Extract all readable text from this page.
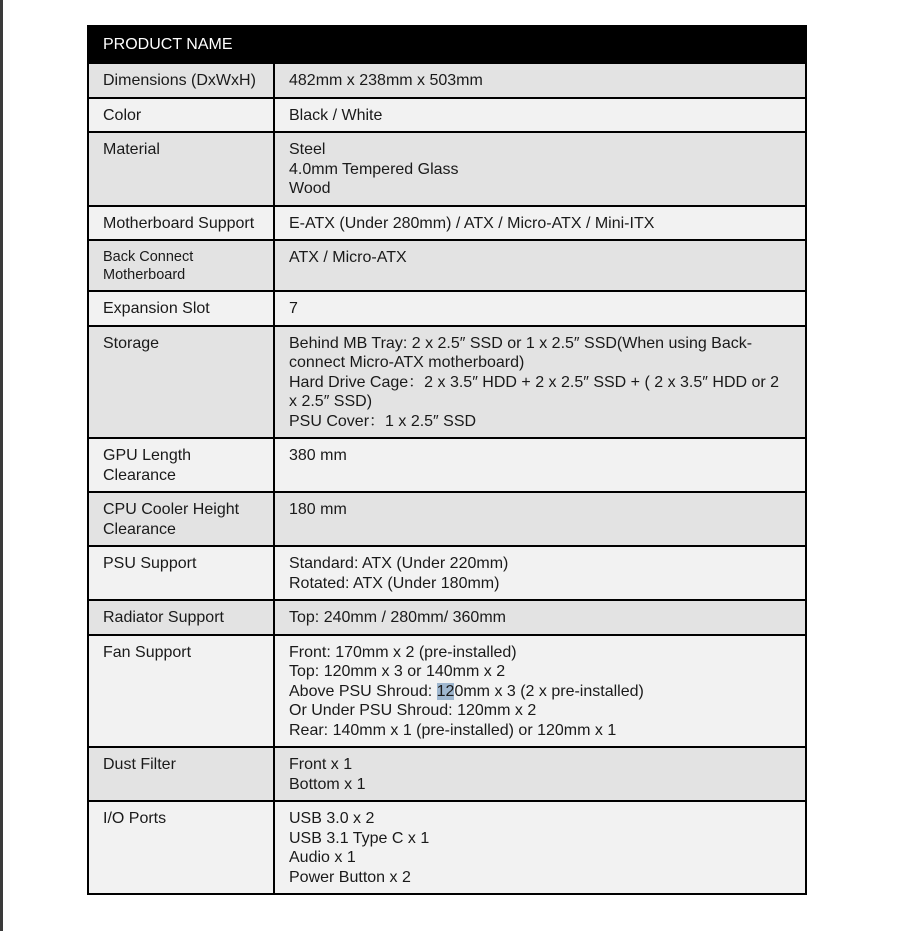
PRODUCT NAME	
Dimensions (DxWxH)	482mm x 238mm x 503mm

Color	Black / White

Material	Steel
4.0mm Tempered Glass
Wood

Motherboard Support	E-ATX (Under 280mm) / ATX / Micro-ATX / Mini-ITX

Back Connect Motherboard	ATX / Micro-ATX

Expansion Slot	7

Storage	Behind MB Tray: 2 x 2.5″ SSD or 1 x 2.5″ SSD(When using Back-connect Micro-ATX motherboard)
Hard Drive Cage：2 x 3.5″ HDD + 2 x 2.5″ SSD + ( 2 x 3.5″ HDD or 2 x 2.5″ SSD)
PSU Cover：1 x 2.5″ SSD

GPU Length Clearance	380 mm

CPU Cooler Height Clearance	180 mm

PSU Support	Standard: ATX (Under 220mm)
Rotated: ATX (Under 180mm)

Radiator Support	Top: 240mm / 280mm/ 360mm

Fan Support	Front: 170mm x 2 (pre-installed)
Top: 120mm x 3 or 140mm x 2
Above PSU Shroud: 120mm x 3 (2 x pre-installed)
Or Under PSU Shroud: 120mm x 2
Rear: 140mm x 1 (pre-installed) or 120mm x 1

Dust Filter	Front x 1
Bottom x 1

I/O Ports	USB 3.0 x 2
USB 3.1 Type C x 1
Audio x 1
Power Button x 2
